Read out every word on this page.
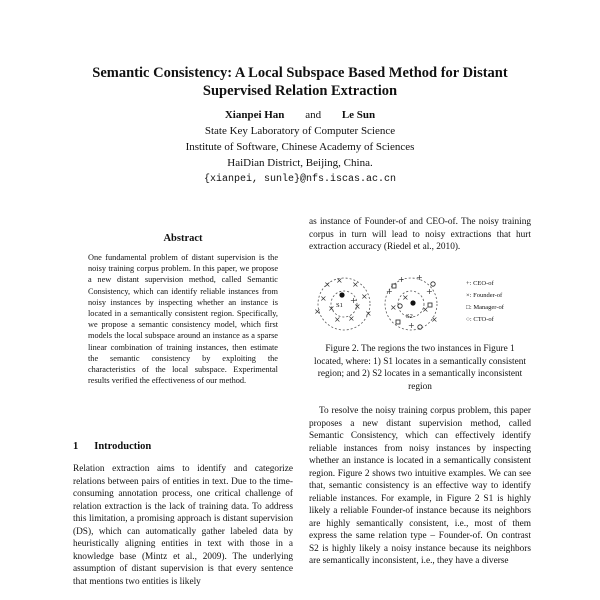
Semantic Consistency: A Local Subspace Based Method for Distant
Supervised Relation Extraction
Xianpei Han and Le Sun
State Key Laboratory of Computer Science
Institute of Software, Chinese Academy of Sciences
HaiDian District, Beijing, China.
{xianpei, sunle}@nfs.iscas.ac.cn
Abstract
One fundamental problem of distant supervision is the noisy training corpus problem. In this paper, we propose a new distant supervision method, called Semantic Consistency, which can identify reliable instances from noisy instances by inspecting whether an instance is located in a semantically consistent region. Specifically, we propose a semantic consistency model, which first models the local subspace around an instance as a sparse linear combination of training instances, then estimate the semantic consistency by exploiting the characteristics of the local subspace. Experimental results verified the effectiveness of our method.
1 Introduction
Relation extraction aims to identify and categorize relations between pairs of entities in text. Due to the time-consuming annotation process, one critical challenge of relation extraction is the lack of training data. To address this limitation, a promising approach is distant supervision (DS), which can automatically gather labeled data by heuristically aligning entities in text with those in a knowledge base (Mintz et al., 2009). The underlying assumption of distant supervision is that every sentence that mentions two entities is likely
as instance of Founder-of and CEO-of. The noisy training corpus in turn will lead to noisy extractions that hurt extraction accuracy (Riedel et al., 2010).
S1
× × ×
×
× ×
×
× ×
×	×
+
S2
+ +
+	+
×
×
×
+
×
+: CEO-of
×: Founder-of
□: Manager-of
○: CTO-of
Figure 2. The regions the two instances in Figure 1 located, where: 1) S1 locates in a semantically consistent region; and 2) S2 locates in a semantically inconsistent region
To resolve the noisy training corpus problem, this paper proposes a new distant supervision method, called Semantic Consistency, which can effectively identify reliable instances from noisy instances by inspecting whether an instance is located in a semantically consistent region. Figure 2 shows two intuitive examples. We can see that, semantic consistency is an effective way to identify reliable instances. For example, in Figure 2 S1 is highly likely a reliable Founder-of instance because its neighbors are highly semantically consistent, i.e., most of them express the same relation type – Founder-of. On contrast S2 is highly likely a noisy instance because its neighbors are semantically inconsistent, i.e., they have a diverse
